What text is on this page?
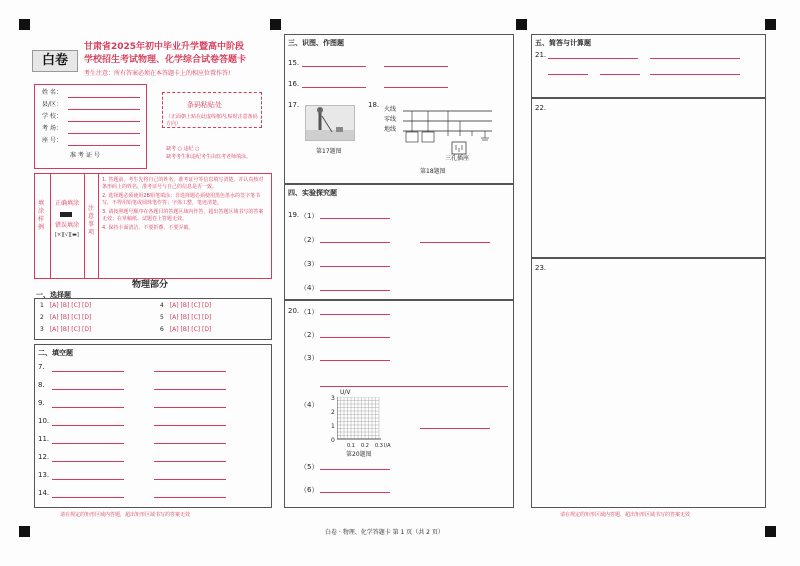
白卷
甘肃省2025年初中毕业升学暨高中阶段
学校招生考试物理、化学综合试卷答题卡
考生注意：所有答案必须在本答题卡上的相应位置作答!
姓 名：
县/区：
学 校：
考 场：
座 号：
准 考 证 号
条码粘贴处
（正面朝上贴在此虚线框内,贴时注意条码方向）
缺考 ○ 违纪 ○
缺考考生和违纪考生由监考老师填涂。
填涂样例
正确填涂
错误填涂
[×][√][▬]
注意事项
1. 答题前，考生先将自己的姓名、准考证号等信息填写清楚，并认真核对条形码上的姓名、准考证号与自己的信息是否一致。
2. 选择题必须使用2B铅笔填涂；非选择题必须使用黑色墨水的签字笔书写，不得用铅笔或圆珠笔作答；字体工整，笔迹清楚。
3. 请按照题号顺序在各题目的答题区域内作答，超出答题区域书写的答案无效；在草稿纸、试题卷上答题无效。
4. 保持卡面清洁，不要折叠、不要弄破。
物理部分
一、选择题
1 [A] [B] [C] [D]
2 [A] [B] [C] [D]
3 [A] [B] [C] [D]
4 [A] [B] [C] [D]
5 [A] [B] [C] [D]
6 [A] [B] [C] [D]
二、填空题
7.
8.
9.
10.
11.
12.
13.
14.
请在规定的矩形区域内答题，超出矩形区域书写的答案无效
三、识图、作图题
15.
16.
17.
第17题图
18.
火线
零线
地线
三孔插座
第18题图
四、实验探究题
19. （1）
（2）
（3）
（4）
20. （1）
（2）
（3）
（4）
U/V
3
2
1
0
0.1 0.2 0.3 I/A
第20题图
（5）
（6）
白卷 · 物理、化学答题卡 第 1 页（共 2 页）
五、简答与计算题
21.
22.
23.
请在规定的矩形区域内答题，超出矩形区域书写的答案无效
